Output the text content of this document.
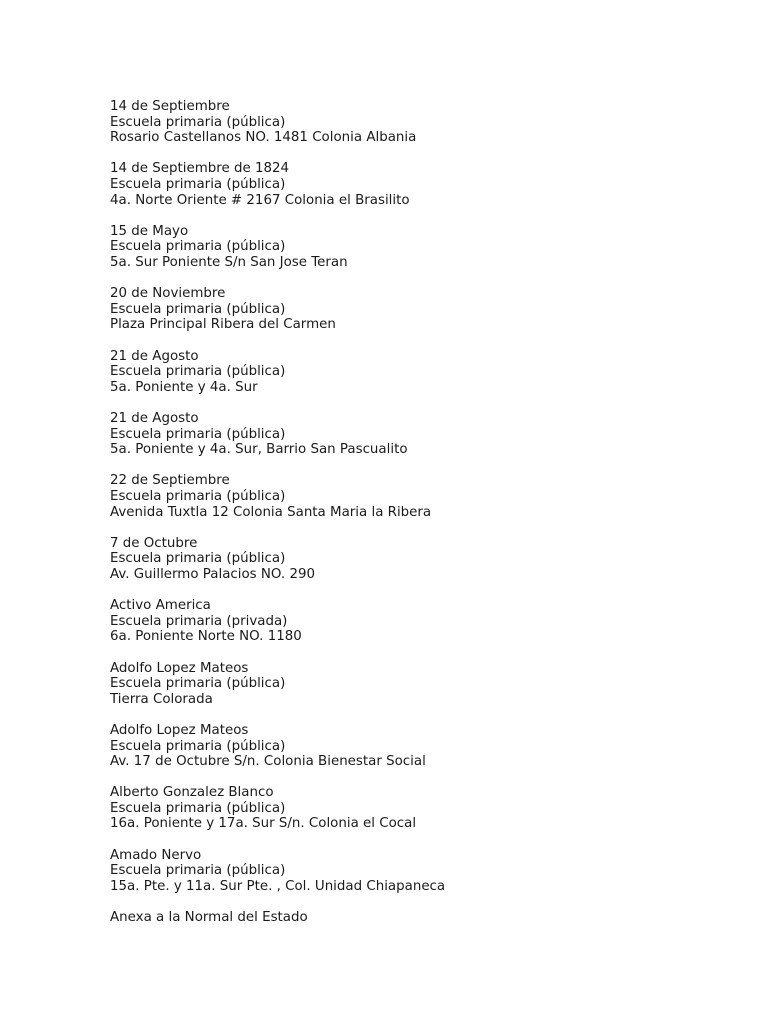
14 de Septiembre
Escuela primaria (pública)
Rosario Castellanos NO. 1481 Colonia Albania
14 de Septiembre de 1824
Escuela primaria (pública)
4a. Norte Oriente # 2167 Colonia el Brasilito
15 de Mayo
Escuela primaria (pública)
5a. Sur Poniente S/n San Jose Teran
20 de Noviembre
Escuela primaria (pública)
Plaza Principal Ribera del Carmen
21 de Agosto
Escuela primaria (pública)
5a. Poniente y 4a. Sur
21 de Agosto
Escuela primaria (pública)
5a. Poniente y 4a. Sur, Barrio San Pascualito
22 de Septiembre
Escuela primaria (pública)
Avenida Tuxtla 12 Colonia Santa Maria la Ribera
7 de Octubre
Escuela primaria (pública)
Av. Guillermo Palacios NO. 290
Activo America
Escuela primaria (privada)
6a. Poniente Norte NO. 1180
Adolfo Lopez Mateos
Escuela primaria (pública)
Tierra Colorada
Adolfo Lopez Mateos
Escuela primaria (pública)
Av. 17 de Octubre S/n. Colonia Bienestar Social
Alberto Gonzalez Blanco
Escuela primaria (pública)
16a. Poniente y 17a. Sur S/n. Colonia el Cocal
Amado Nervo
Escuela primaria (pública)
15a. Pte. y 11a. Sur Pte. , Col. Unidad Chiapaneca
Anexa a la Normal del Estado
